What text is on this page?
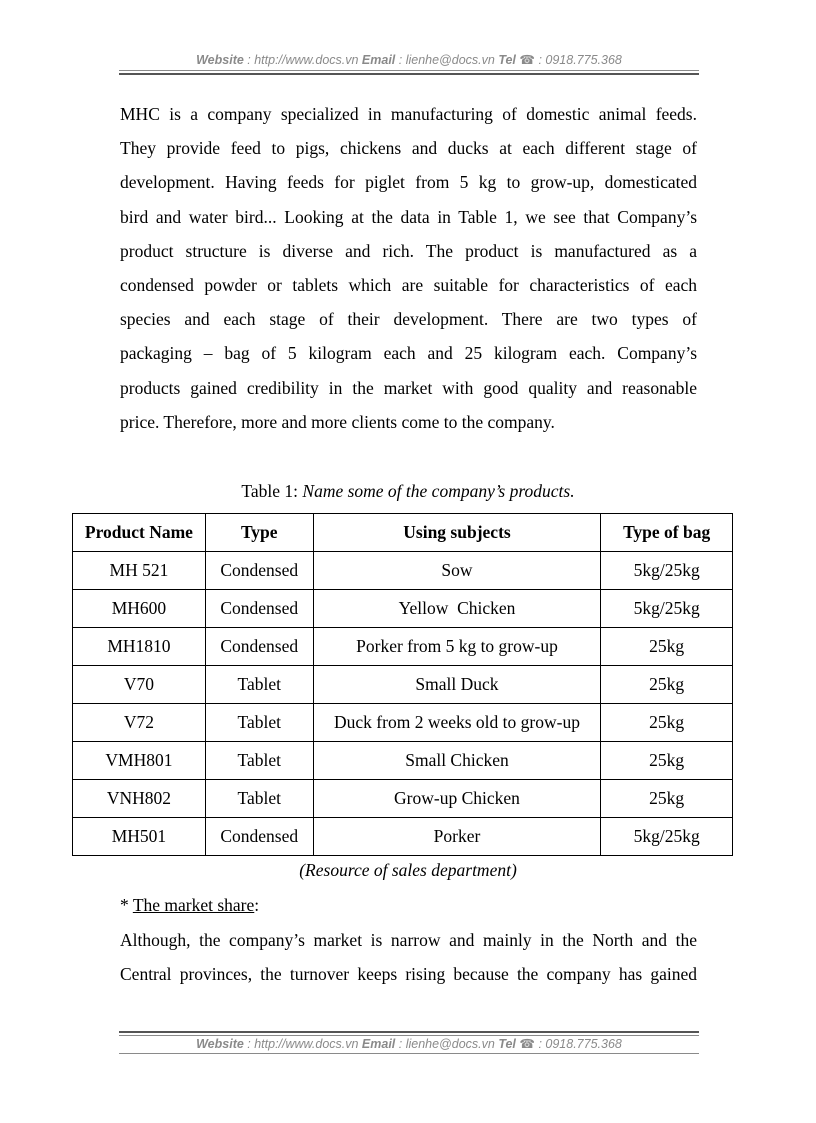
Website : http://www.docs.vn Email : lienhe@docs.vn Tel ☎ : 0918.775.368
MHC is a company specialized in manufacturing of domestic animal feeds.
They provide feed to pigs, chickens and ducks at each different stage of
development. Having feeds for piglet from 5 kg to grow-up, domesticated
bird and water bird... Looking at the data in Table 1, we see that Company’s
product structure is diverse and rich. The product is manufactured as a
condensed powder or tablets which are suitable for characteristics of each
species and each stage of their development. There are two types of
packaging – bag of 5 kilogram each and 25 kilogram each. Company’s
products gained credibility in the market with good quality and reasonable
price. Therefore, more and more clients come to the company.
Table 1: Name some of the company’s products.
Product Name	Type	Using subjects	Type of bag
MH 521	Condensed	Sow	5kg/25kg
MH600	Condensed	Yellow  Chicken	5kg/25kg
MH1810	Condensed	Porker from 5 kg to grow-up	25kg
V70	Tablet	Small Duck	25kg
V72	Tablet	Duck from 2 weeks old to grow-up	25kg
VMH801	Tablet	Small Chicken	25kg
VNH802	Tablet	Grow-up Chicken	25kg
MH501	Condensed	Porker	5kg/25kg
(Resource of sales department)
* The market share:
Although, the company’s market is narrow and mainly in the North and the
Central provinces, the turnover keeps rising because the company has gained
Website : http://www.docs.vn Email : lienhe@docs.vn Tel ☎ : 0918.775.368
